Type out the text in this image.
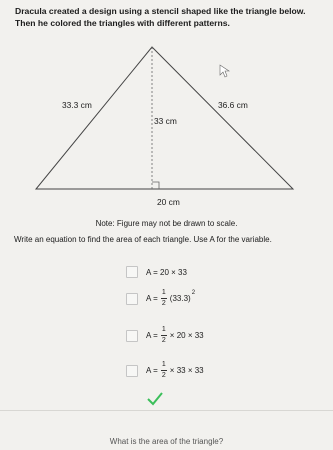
Dracula created a design using a stencil shaped like the triangle below. Then he colored the triangles with different patterns.

33.3 cm	36.6 cm
33 cm
20 cm
Note: Figure may not be drawn to scale.

Write an equation to find the area of each triangle. Use A for the variable.

A = 20 × 33
$A = \frac{1}{2} (33.3)$
2
$A = \frac{1}{2} \times 20 \times 33$
$A = \frac{1}{2} \times 33 \times 33$
What is the area of the triangle?
